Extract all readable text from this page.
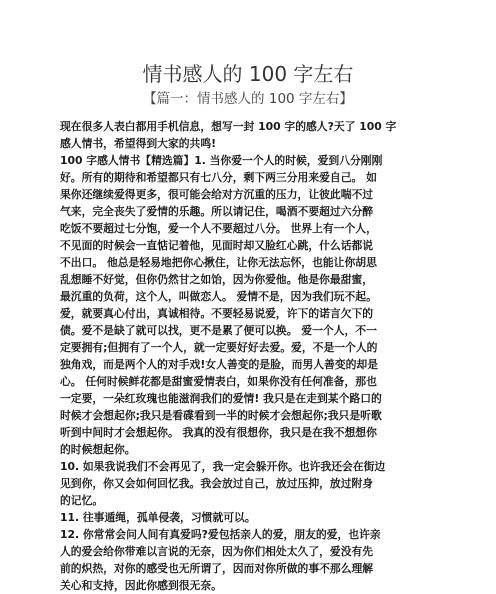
情书感人的 100 字左右
【篇一：情书感人的 100 字左右】

现在很多人表白都用手机信息，想写一封 100 字的感人?天了 100 字
感人情书，希望得到大家的共鸣!

100 字感人情书【精选篇】1. 当你爱一个人的时候，爱到八分刚刚
好。所有的期待和希望都只有七八分，剩下两三分用来爱自己。 如
果你还继续爱得更多，很可能会给对方沉重的压力，让彼此喘不过
气来，完全丧失了爱情的乐趣。所以请记住，喝酒不要超过六分醉
吃饭不要超过七分饱，爱一个人不要超过八分。 世界上有一个人，
不见面的时候会一直惦记着他，见面时却又脸红心跳，什么话都说
不出口。 他总是轻易地把你心揪住，让你无法忘怀，也能让你胡思
乱想睡不好觉，但你仍然甘之如饴，因为你爱他。他是你最甜蜜，
最沉重的负荷，这个人，叫做恋人。 爱情不是，因为我们玩不起。
爱，就要真心付出，真诚相待。不要轻易说爱，许下的诺言欠下的
债。爱不是缺了就可以找，更不是累了便可以换。 爱一个人，不一
定要拥有;但拥有了一个人，就一定要好好去爱。爱，不是一个人的
独角戏，而是两个人的对手戏!女人善变的是脸，而男人善变的却是
心。 任何时候鲜花都是甜蜜爱情表白，如果你没有任何准备，那也
一定要，一朵红玫瑰也能滋润我们的爱情! 我只是在走到某个路口的
时候才会想起你;我只是看碟看到一半的时候才会想起你;我只是听歌
听到中间时才会想起你。 我真的没有很想你，我只是在我不想想你
的时候想起你。

10. 如果我说我们不会再见了，我一定会躲开你。也许我还会在街边
见到你，你又会如何回忆我。我会放过自己，放过压抑，放过附身
的记忆。

11. 往事遁绳，孤单侵袭，习惯就可以。

12. 你常常会问人间有真爱吗?爱包括亲人的爱，朋友的爱，也许亲
人的爱会给你带难以言说的无奈，因为你们相处太久了，爱没有先
前的炽热，对你的感受也无所谓了，因而对你所做的事不那么理解
关心和支持，因此你感到很无奈。
